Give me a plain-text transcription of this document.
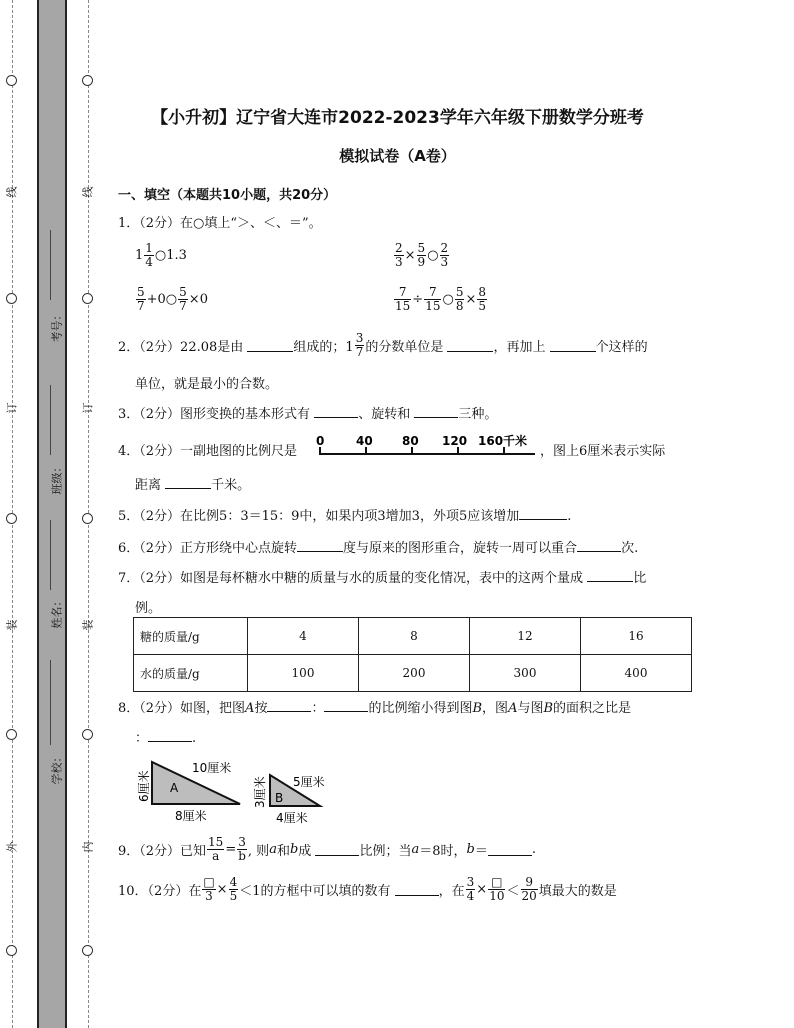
线
订
装
外
线
订
装
内
考号：
班级：
姓名：
学校：
【小升初】辽宁省大连市2022-2023学年六年级下册数学分班考
模拟试卷（A卷）
一、填空（本题共10小题，共20分）
1．（2分）在○填上“＞、＜、＝”。
$1 \frac{1}{4}$ ○1.3	$\frac{2}{3} \times \frac{5}{9}$ ○ $\frac{2}{3}$
$\frac{5}{7}$ +0○ $\frac{5}{7} \times 0$	$\frac{7}{15} \div \frac{7}{15}$ ○ $\frac{5}{8} \times \frac{8}{5}$
2．（2分）22.08是由	组成的；$1 \frac{3}{7}$ 的分数单位是	，再加上	个这样的
单位，就是最小的合数。
3．（2分）图形变换的基本形式有	、旋转和	三种。
4．（2分）一副地图的比例尺是
0	40 80 120 160千米
，图上6厘米表示实际
距离	千米。
5．（2分）在比例5：3＝15：9中，如果内项3增加3，外项5应该增加	.
6．（2分）正方形绕中心点旋转	度与原来的图形重合，旋转一周可以重合	次.
7．（2分）如图是每杯糖水中糖的质量与水的质量的变化情况，表中的这两个量成	比
例。
糖的质量/g	4	8	12	16
水的质量/g	100	200	300	400
8．（2分）如图，把图A按	：	的比例缩小得到图B，图A与图B的面积之比是
：	.
A
10厘米
8厘米
6厘米	B
5厘米
4厘米
3厘米
9．（2分）已知 $\frac{15}{a} = \frac{3}{b}$ , 则a和b成	比例；当a＝8时，b＝	.
10．（2分）在 $\frac{□}{3} \times \frac{4}{5} <1$的方框中可以填的数有	，在 $\frac{3}{4} \times \frac{□}{10} < \frac{9}{20}$ 填最大的数是
